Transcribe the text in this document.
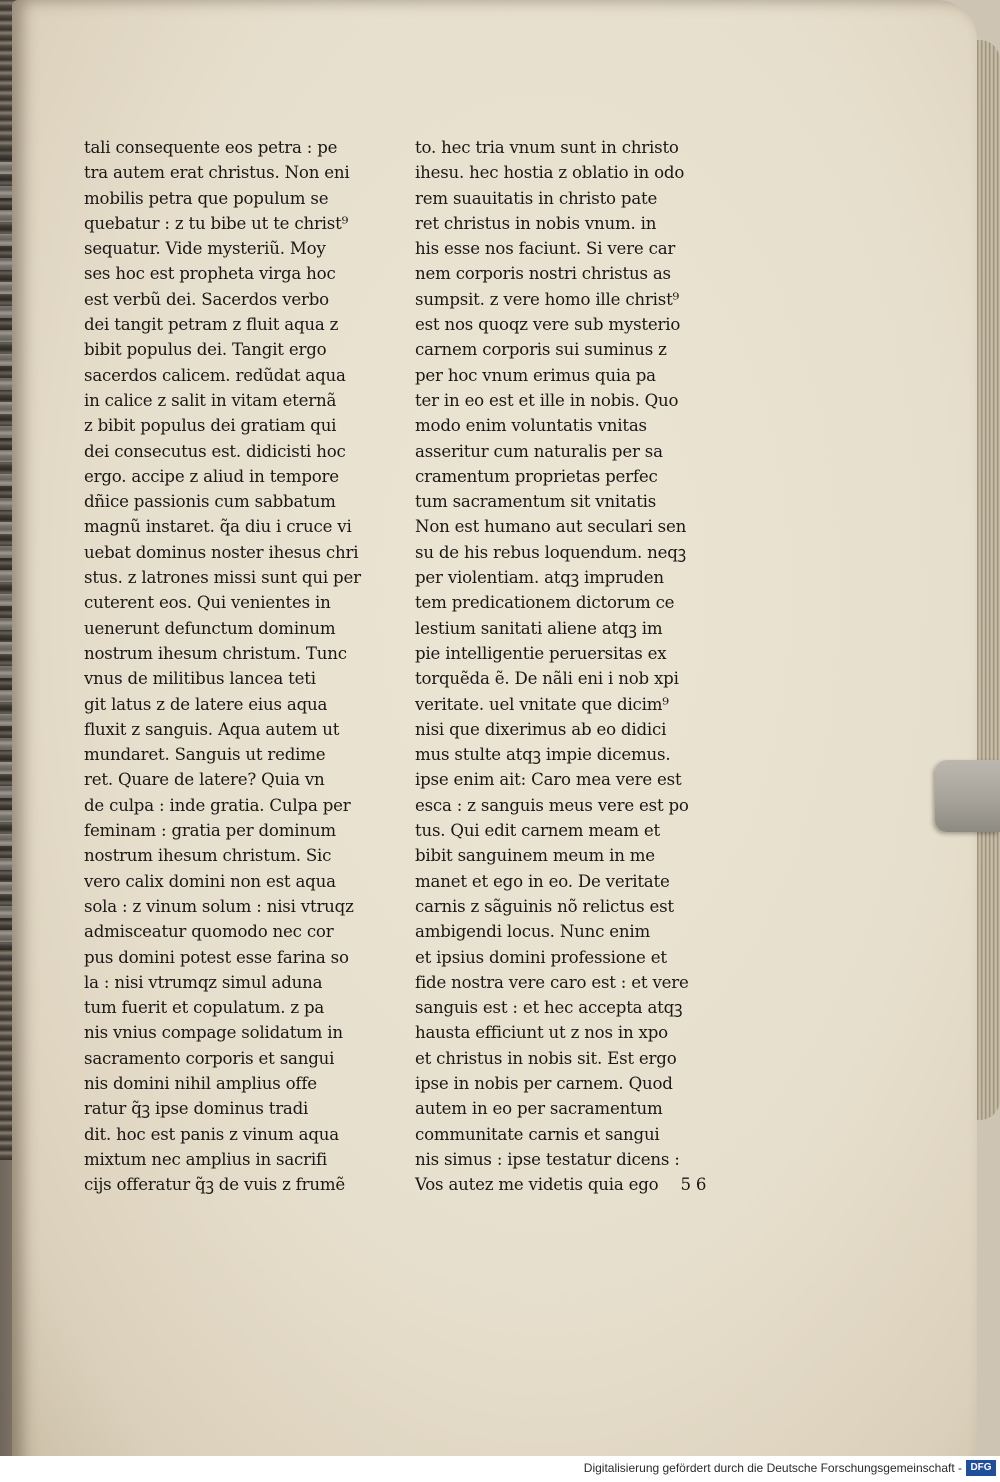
tali consequente eos petra : pe
tra autem erat christus. Non eni
mobilis petra que populum se
quebatur : z tu bibe ut te christ⁹
sequatur. Vide mysteriũ. Moy
ses hoc est propheta virga hoc
est verbũ dei. Sacerdos verbo
dei tangit petram z fluit aqua z
bibit populus dei. Tangit ergo
sacerdos calicem. redũdat aqua
in calice z salit in vitam eternã
z bibit populus dei gratiam qui
dei consecutus est. didicisti hoc
ergo. accipe z aliud in tempore
dñice passionis cum sabbatum
magnũ instaret. q̃a diu i cruce vi
uebat dominus noster ihesus chri
stus. z latrones missi sunt qui per
cuterent eos. Qui venientes in
uenerunt defunctum dominum
nostrum ihesum christum. Tunc
vnus de militibus lancea teti
git latus z de latere eius aqua
fluxit z sanguis. Aqua autem ut
mundaret. Sanguis ut redime
ret. Quare de latere? Quia vn
de culpa : inde gratia. Culpa per
feminam : gratia per dominum
nostrum ihesum christum. Sic
vero calix domini non est aqua
sola : z vinum solum : nisi vtruqz
admisceatur quomodo nec cor
pus domini potest esse farina so
la : nisi vtrumqz simul aduna
tum fuerit et copulatum. z pa
nis vnius compage solidatum in
sacramento corporis et sangui
nis domini nihil amplius offe
ratur q̃ꝫ ipse dominus tradi
dit. hoc est panis z vinum aqua
mixtum nec amplius in sacrifi
cijs offeratur q̃ꝫ de vuis z frumẽ
to. hec tria vnum sunt in christo
ihesu. hec hostia z oblatio in odo
rem suauitatis in christo pate
ret christus in nobis vnum. in
his esse nos faciunt. Si vere car
nem corporis nostri christus as
sumpsit. z vere homo ille christ⁹
est nos quoqz vere sub mysterio
carnem corporis sui suminus z
per hoc vnum erimus quia pa
ter in eo est et ille in nobis. Quo
modo enim voluntatis vnitas
asseritur cum naturalis per sa
cramentum proprietas perfec
tum sacramentum sit vnitatis
Non est humano aut seculari sen
su de his rebus loquendum. neqꝫ
per violentiam. atqꝫ impruden
tem predicationem dictorum ce
lestium sanitati aliene atqꝫ im
pie intelligentie peruersitas ex
torquẽda ẽ. De nãli eni i nob xpi
veritate. uel vnitate que dicim⁹
nisi que dixerimus ab eo didici
mus stulte atqꝫ impie dicemus.
ipse enim ait: Caro mea vere est
esca : z sanguis meus vere est po
tus. Qui edit carnem meam et
bibit sanguinem meum in me
manet et ego in eo. De veritate
carnis z sãguinis nõ relictus est
ambigendi locus. Nunc enim
et ipsius domini professione et
fide nostra vere caro est : et vere
sanguis est : et hec accepta atqꝫ
hausta efficiunt ut z nos in xpo
et christus in nobis sit. Est ergo
ipse in nobis per carnem. Quod
autem in eo per sacramentum
communitate carnis et sangui
nis simus : ipse testatur dicens :
Vos autez me videtis quia ego 5 6
Digitalisierung gefördert durch die Deutsche Forschungsgemeinschaft - DFG
